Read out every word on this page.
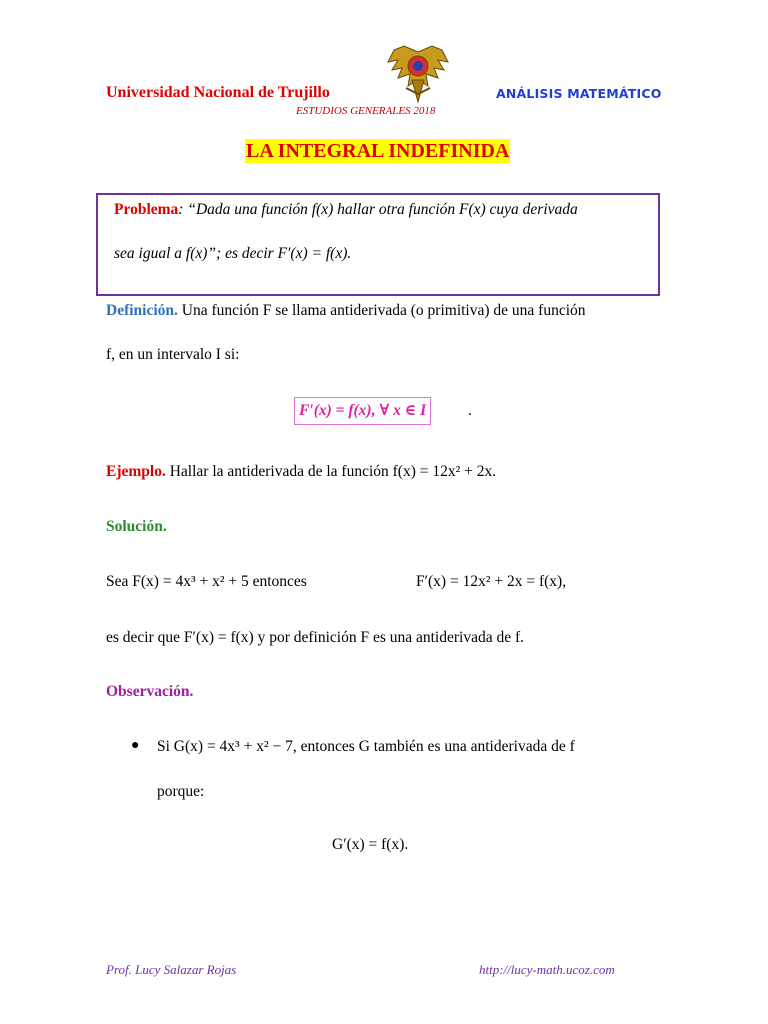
Universidad Nacional de Trujillo	ANÁLISIS MATEMÁTICO
ESTUDIOS GENERALES 2018
LA INTEGRAL INDEFINIDA
Problema: “Dada una función f(x) hallar otra función F(x) cuya derivada
sea igual a f(x)”; es decir F′(x) = f(x).
Definición. Una función F se llama antiderivada (o primitiva) de una función
f, en un intervalo I si:
F′(x) = f(x), ∀ x ∈ I	.
Ejemplo. Hallar la antiderivada de la función f(x) = 12x² + 2x.
Solución.
Sea F(x) = 4x³ + x² + 5 entonces	F′(x) = 12x² + 2x = f(x),
es decir que F′(x) = f(x) y por definición F es una antiderivada de f.
Observación.
● Si G(x) = 4x³ + x² − 7, entonces G también es una antiderivada de f
porque:
G′(x) = f(x).
Prof. Lucy Salazar Rojas	http://lucy-math.ucoz.com
